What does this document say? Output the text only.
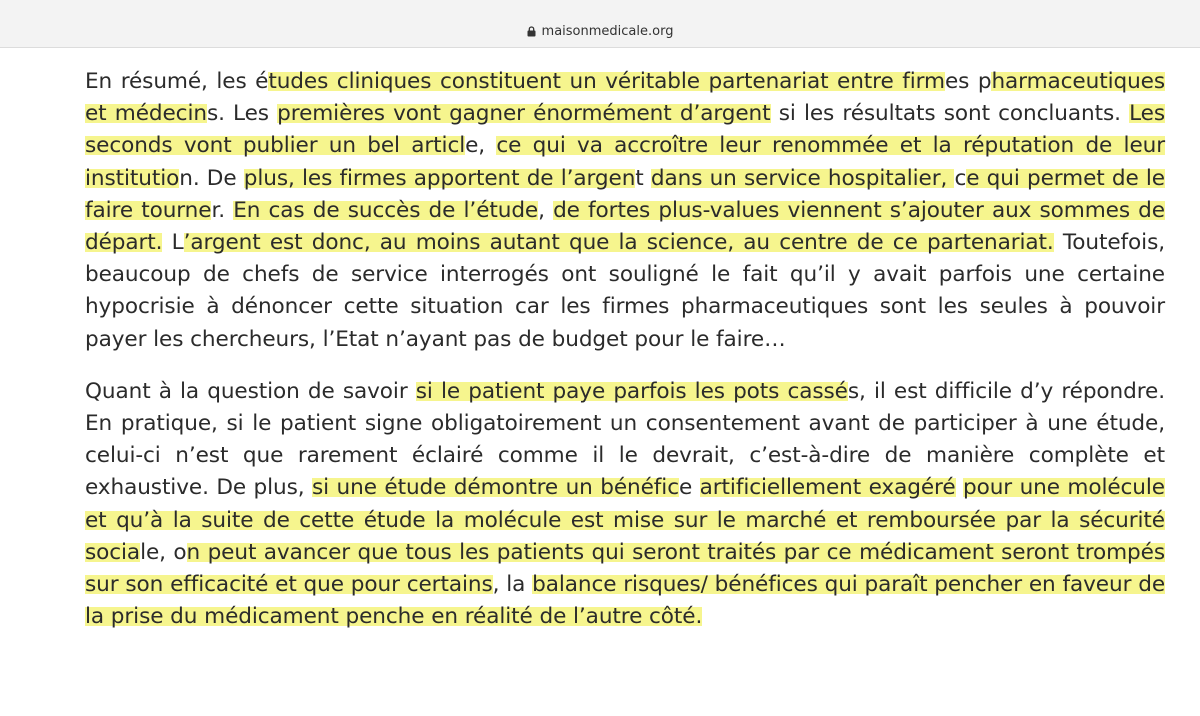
maisonmedicale.org

En résumé, les études cliniques constituent un véritable partenariat entre firmes pharmaceutiques et médecins. Les premières vont gagner énormément d’argent si les résultats sont concluants. Les seconds vont publier un bel article, ce qui va accroître leur renommée et la réputation de leur institution. De plus, les firmes apportent de l’argent dans un service hospitalier, ce qui permet de le faire tourner. En cas de succès de l’étude, de fortes plus-values viennent s’ajouter aux sommes de départ. L’argent est donc, au moins autant que la science, au centre de ce partenariat. Toutefois, beaucoup de chefs de service interrogés ont souligné le fait qu’il y avait parfois une certaine hypocrisie à dénoncer cette situation car les firmes pharmaceutiques sont les seules à pouvoir payer les chercheurs, l’Etat n’ayant pas de budget pour le faire…

Quant à la question de savoir si le patient paye parfois les pots cassés, il est difficile d’y répondre. En pratique, si le patient signe obligatoirement un consentement avant de participer à une étude, celui-ci n’est que rarement éclairé comme il le devrait, c’est-à-dire de manière complète et exhaustive. De plus, si une étude démontre un bénéfice artificiellement exagéré pour une molécule et qu’à la suite de cette étude la molécule est mise sur le marché et remboursée par la sécurité sociale, on peut avancer que tous les patients qui seront traités par ce médicament seront trompés sur son efficacité et que pour certains, la balance risques/ bénéfices qui paraît pencher en faveur de la prise du médicament penche en réalité de l’autre côté.
